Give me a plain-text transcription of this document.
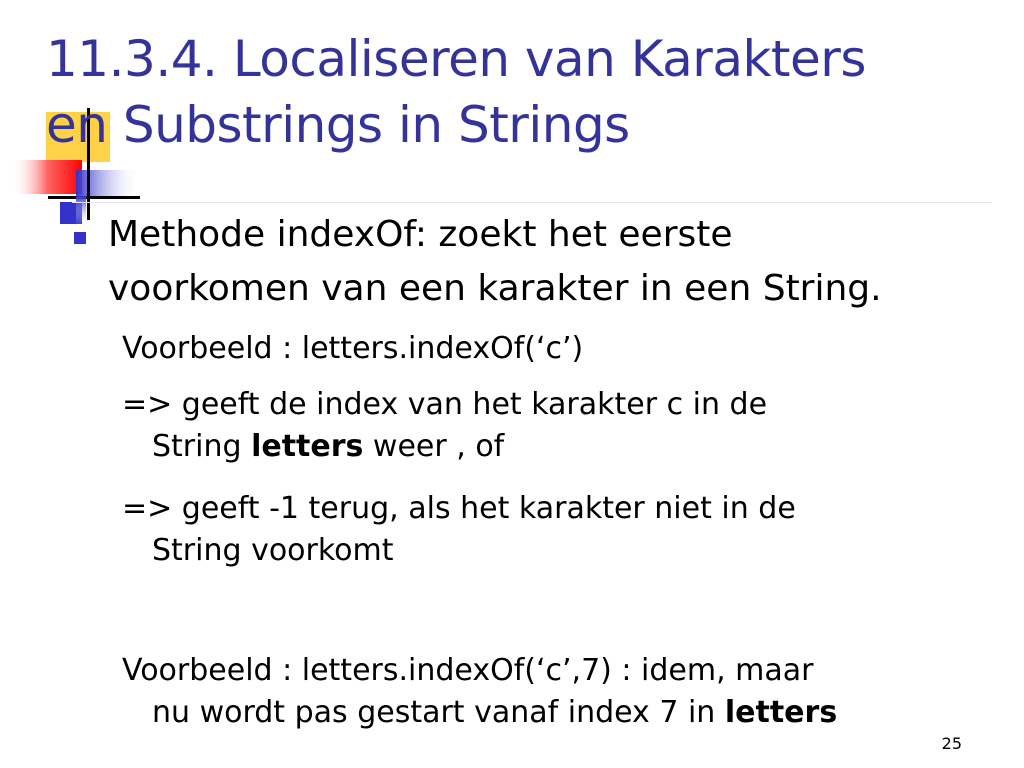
11.3.4. Localiseren van Karakters
en Substrings in Strings
Methode indexOf: zoekt het eerste
voorkomen van een karakter in een String.
Voorbeeld : letters.indexOf(‘c’)
=> geeft de index van het karakter c in de
String letters weer , of
=> geeft -1 terug, als het karakter niet in de
String voorkomt
Voorbeeld : letters.indexOf(‘c’,7) : idem, maar
nu wordt pas gestart vanaf index 7 in letters
25
